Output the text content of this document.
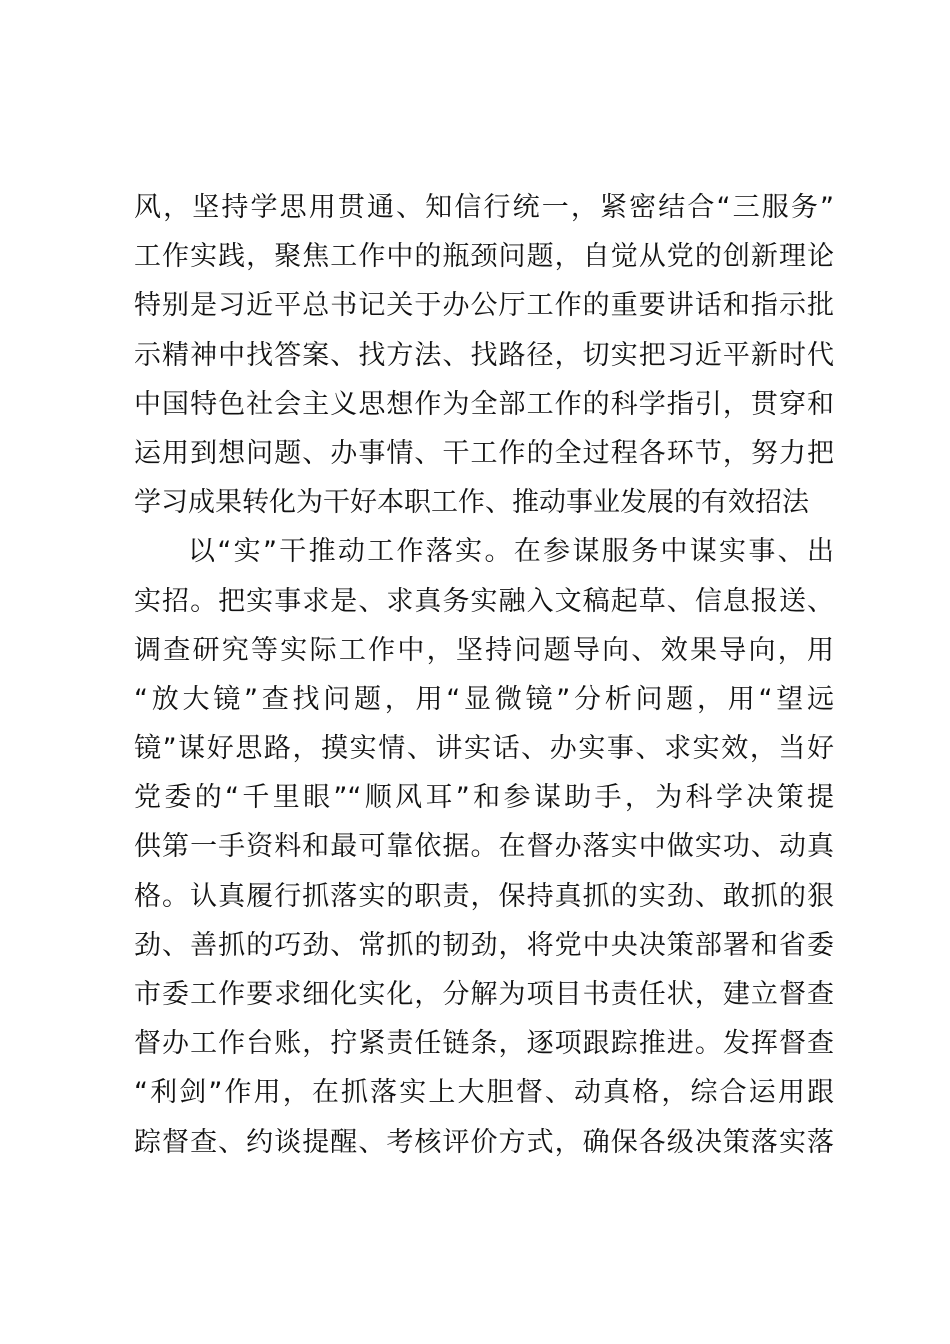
风，坚持学思用贯通、知信行统一，紧密结合“三服务”
工作实践，聚焦工作中的瓶颈问题，自觉从党的创新理论
特别是习近平总书记关于办公厅工作的重要讲话和指示批
示精神中找答案、找方法、找路径，切实把习近平新时代
中国特色社会主义思想作为全部工作的科学指引，贯穿和
运用到想问题、办事情、干工作的全过程各环节，努力把
学习成果转化为干好本职工作、推动事业发展的有效招法
以“实”干推动工作落实。在参谋服务中谋实事、出
实招。把实事求是、求真务实融入文稿起草、信息报送、
调查研究等实际工作中，坚持问题导向、效果导向，用
“放大镜”查找问题，用“显微镜”分析问题，用“望远
镜”谋好思路，摸实情、讲实话、办实事、求实效，当好
党委的“千里眼”“顺风耳”和参谋助手，为科学决策提
供第一手资料和最可靠依据。在督办落实中做实功、动真
格。认真履行抓落实的职责，保持真抓的实劲、敢抓的狠
劲、善抓的巧劲、常抓的韧劲，将党中央决策部署和省委
市委工作要求细化实化，分解为项目书责任状，建立督查
督办工作台账，拧紧责任链条，逐项跟踪推进。发挥督查
“利剑”作用，在抓落实上大胆督、动真格，综合运用跟
踪督查、约谈提醒、考核评价方式，确保各级决策落实落
